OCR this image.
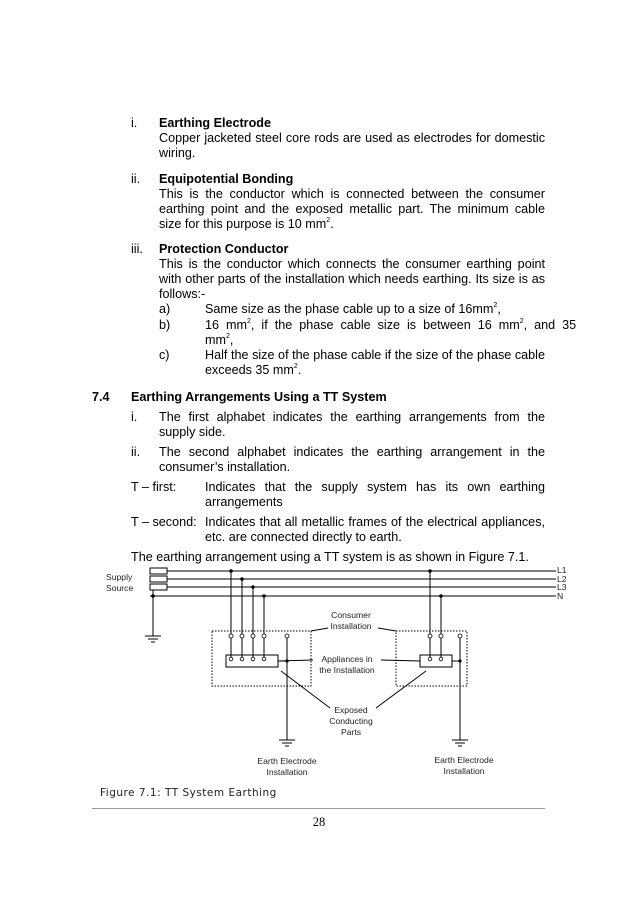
i. Earthing Electrode
Copper jacketed steel core rods are used as electrodes for domestic
wiring.
ii. Equipotential Bonding
This is the conductor which is connected between the consumer
earthing point and the exposed metallic part. The minimum cable
size for this purpose is 10 $mm^2$.
iii. Protection Conductor
This is the conductor which connects the consumer earthing point
with other parts of the installation which needs earthing. Its size is as
follows:-
a)	Same size as the phase cable up to a size of $16mm^2$,
b)	16  $mm^2$,  if  the  phase  cable  size  is  between  16  $mm^2$,  and  35
$mm^2$,
c)	Half the size of the phase cable if the size of the phase cable
exceeds 35 $mm^2$.
7.4 Earthing Arrangements Using a TT System
i. The first alphabet indicates the earthing arrangements from the
supply side.
ii. The second alphabet indicates the earthing arrangement in the
consumer’s installation.
T – first: Indicates that the supply system has its own earthing
arrangements
T – second: Indicates that all metallic frames of the electrical appliances,
etc. are connected directly to earth.
The earthing arrangement using a TT system is as shown in Figure 7.1.
Supply
Source
L1
L2
L3
N
Consumer
Installation
Appliances in
the Installation
Exposed
Conducting
Parts
Earth Electrode
Installation
Earth Electrode
Installation
Figure 7.1: TT System Earthing
28
